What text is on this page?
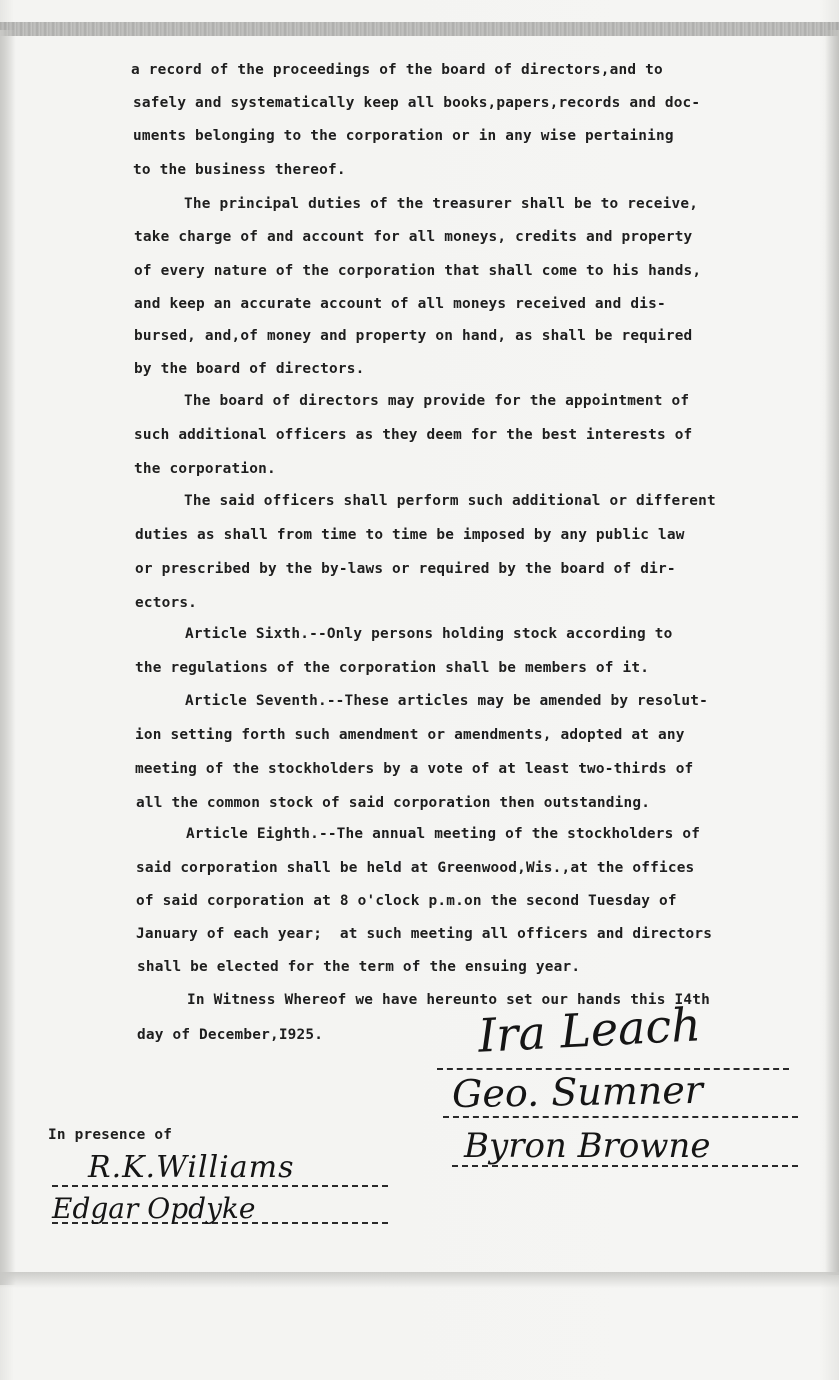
a record of the proceedings of the board of directors,and to

safely and systematically keep all books,papers,records and doc-

uments belonging to the corporation or in any wise pertaining

to the business thereof.

The principal duties of the treasurer shall be to receive,

take charge of and account for all moneys, credits and property

of every nature of the corporation that shall come to his hands,

and keep an accurate account of all moneys received and dis-

bursed, and,of money and property on hand, as shall be required

by the board of directors.

The board of directors may provide for the appointment of

such additional officers as they deem for the best interests of

the corporation.

The said officers shall perform such additional or different

duties as shall from time to time be imposed by any public law

or prescribed by the by-laws or required by the board of dir-

ectors.

Article Sixth.--Only persons holding stock according to

the regulations of the corporation shall be members of it.

Article Seventh.--These articles may be amended by resolut-

ion setting forth such amendment or amendments, adopted at any

meeting of the stockholders by a vote of at least two-thirds of

all the common stock of said corporation then outstanding.

Article Eighth.--The annual meeting of the stockholders of

said corporation shall be held at Greenwood,Wis.,at the offices

of said corporation at 8 o'clock p.m.on the second Tuesday of

January of each year;  at such meeting all officers and directors

shall be elected for the term of the ensuing year.

In Witness Whereof we have hereunto set our hands this I4th

day of December,I925.	Ira Leach
Geo. Sumner
Byron Browne

In presence of

R.K.Williams
Edgar Opdyke
